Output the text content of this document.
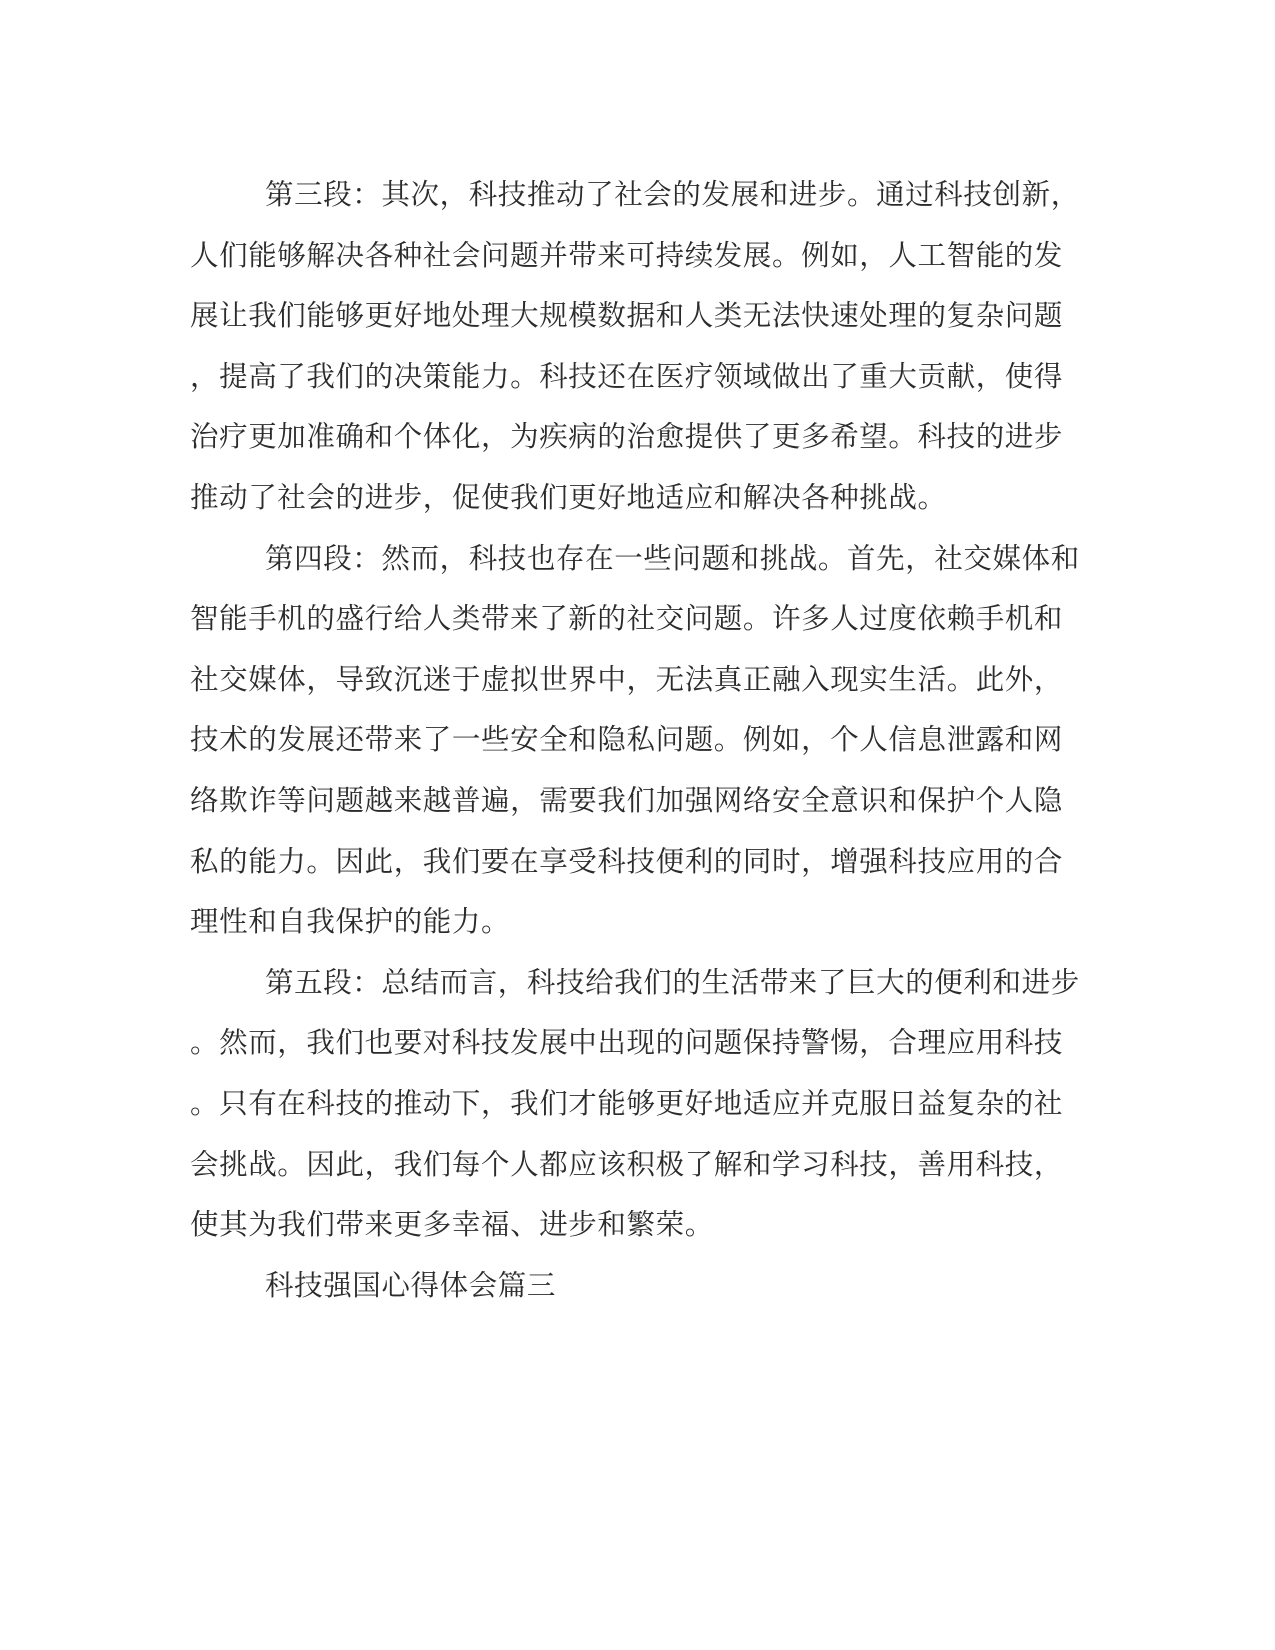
第三段：其次，科技推动了社会的发展和进步。通过科技创新，
人们能够解决各种社会问题并带来可持续发展。例如，人工智能的发
展让我们能够更好地处理大规模数据和人类无法快速处理的复杂问题
，提高了我们的决策能力。科技还在医疗领域做出了重大贡献，使得
治疗更加准确和个体化，为疾病的治愈提供了更多希望。科技的进步
推动了社会的进步，促使我们更好地适应和解决各种挑战。
第四段：然而，科技也存在一些问题和挑战。首先，社交媒体和
智能手机的盛行给人类带来了新的社交问题。许多人过度依赖手机和
社交媒体，导致沉迷于虚拟世界中，无法真正融入现实生活。此外，
技术的发展还带来了一些安全和隐私问题。例如，个人信息泄露和网
络欺诈等问题越来越普遍，需要我们加强网络安全意识和保护个人隐
私的能力。因此，我们要在享受科技便利的同时，增强科技应用的合
理性和自我保护的能力。
第五段：总结而言，科技给我们的生活带来了巨大的便利和进步
。然而，我们也要对科技发展中出现的问题保持警惕，合理应用科技
。只有在科技的推动下，我们才能够更好地适应并克服日益复杂的社
会挑战。因此，我们每个人都应该积极了解和学习科技，善用科技，
使其为我们带来更多幸福、进步和繁荣。
科技强国心得体会篇三
